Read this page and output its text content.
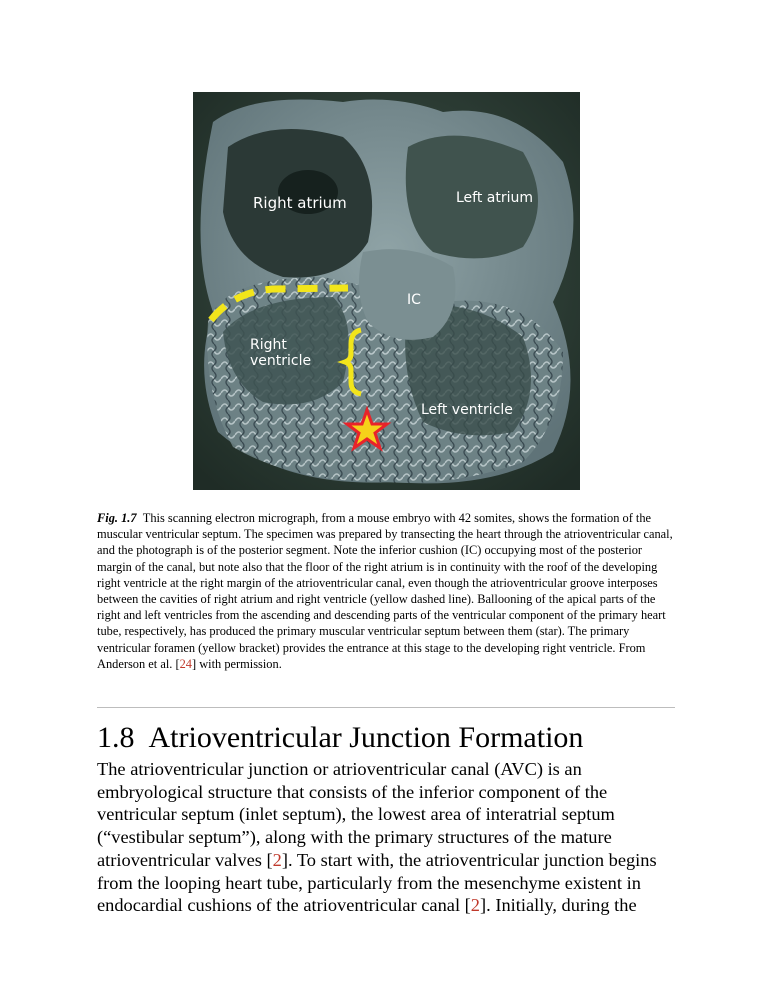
Right atrium	Left atrium
IC
Right
ventricle
Left ventricle
Fig. 1.7 This scanning electron micrograph, from a mouse embryo with 42 somites, shows the formation of the muscular ventricular septum. The specimen was prepared by transecting the heart through the atrioventricular canal, and the photograph is of the posterior segment. Note the inferior cushion (IC) occupying most of the posterior margin of the canal, but note also that the floor of the right atrium is in continuity with the roof of the developing right ventricle at the right margin of the atrioventricular canal, even though the atrioventricular groove interposes between the cavities of right atrium and right ventricle (yellow dashed line). Ballooning of the apical parts of the right and left ventricles from the ascending and descending parts of the ventricular component of the primary heart tube, respectively, has produced the primary muscular ventricular septum between them (star). The primary ventricular foramen (yellow bracket) provides the entrance at this stage to the developing right ventricle. From Anderson et al. [24] with permission.
1.8 Atrioventricular Junction Formation

The atrioventricular junction or atrioventricular canal (AVC) is an embryological structure that consists of the inferior component of the ventricular septum (inlet septum), the lowest area of interatrial septum (“vestibular septum”), along with the primary structures of the mature atrioventricular valves [2]. To start with, the atrioventricular junction begins from the looping heart tube, particularly from the mesenchyme existent in endocardial cushions of the atrioventricular canal [2]. Initially, during the
